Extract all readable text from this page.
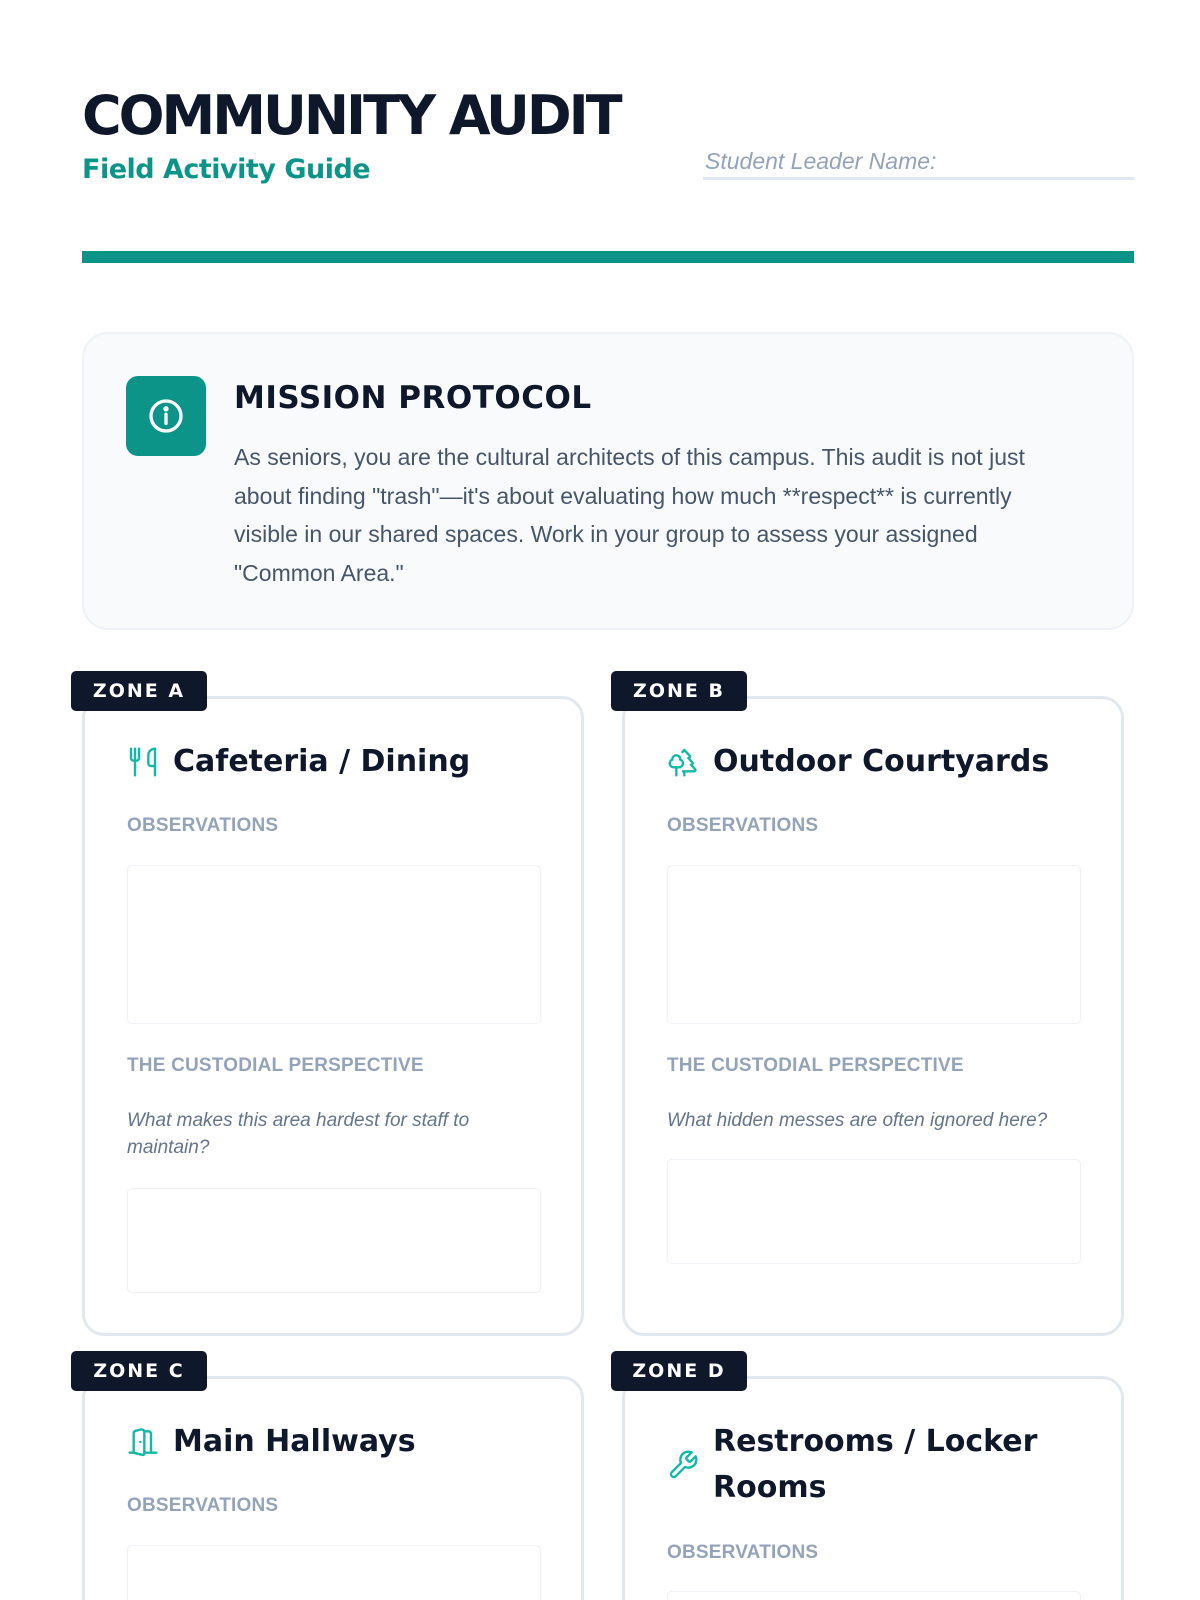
COMMUNITY AUDIT
Field Activity Guide	Student Leader Name:
MISSION PROTOCOL
As seniors, you are the cultural architects of this campus. This audit is not just about finding "trash"—it's about evaluating how much **respect** is currently visible in our shared spaces. Work in your group to assess your assigned "Common Area."
Cafeteria / Dining
OBSERVATIONS
THE CUSTODIAL PERSPECTIVE
What makes this area hardest for staff to maintain?
ZONE A
Outdoor Courtyards
OBSERVATIONS
THE CUSTODIAL PERSPECTIVE
What hidden messes are often ignored here?
ZONE B
Main Hallways
OBSERVATIONS
ZONE C
Restrooms / Locker
Rooms
OBSERVATIONS
ZONE D
